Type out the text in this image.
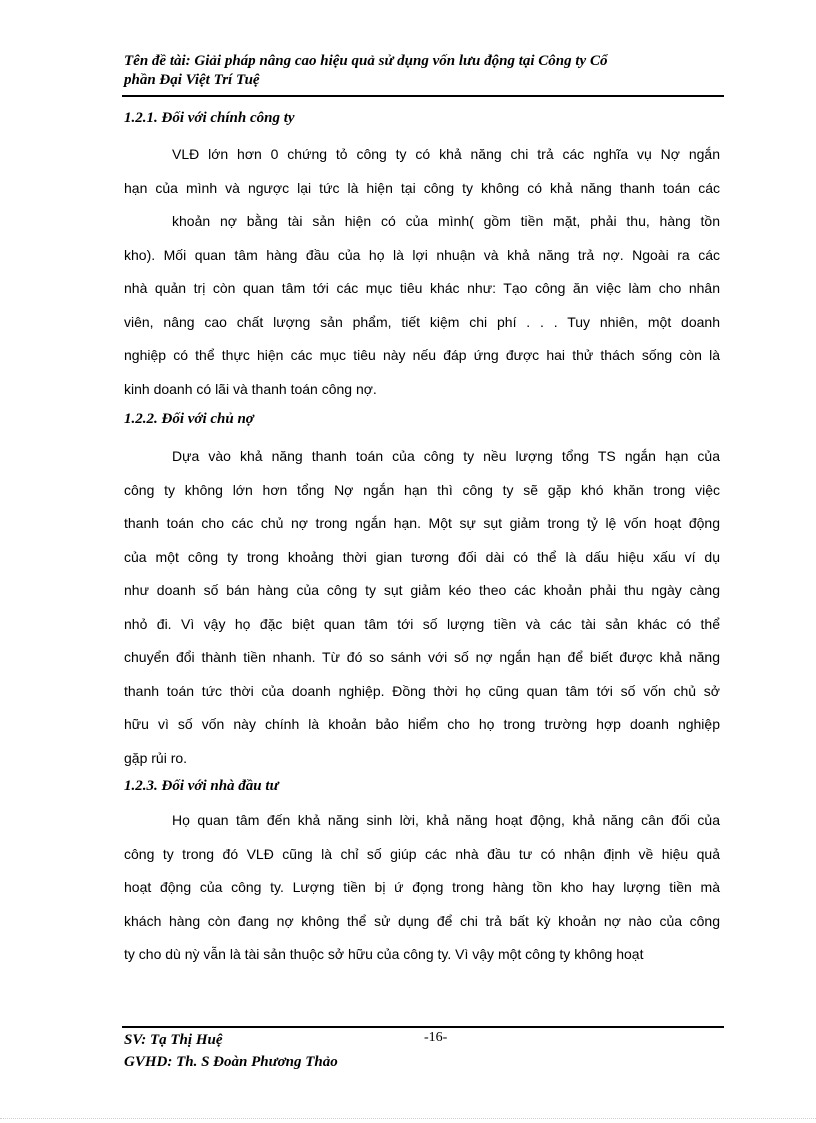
Tên đề tài: Giải pháp nâng cao hiệu quả sử dụng vốn lưu động tại Công ty Cổ
phần Đại Việt Trí Tuệ
1.2.1. Đối với chính công ty
VLĐ lớn hơn 0 chứng tỏ công ty có khả năng chi trả các nghĩa vụ Nợ ngắn
hạn của mình và ngược lại tức là hiện tại công ty không có khả năng thanh toán các
khoản nợ bằng tài sản hiện có của mình( gồm tiền mặt, phải thu, hàng tồn
kho). Mối quan tâm hàng đầu của họ là lợi nhuận và khả năng trả nợ. Ngoài ra các
nhà quản trị còn quan tâm tới các mục tiêu khác như: Tạo công ăn việc làm cho nhân
viên, nâng cao chất lượng sản phẩm, tiết kiệm chi phí . . . Tuy nhiên, một doanh
nghiệp có thể thực hiện các mục tiêu này nếu đáp ứng được hai thử thách sống còn là
kinh doanh có lãi và thanh toán công nợ.
1.2.2. Đối với chủ nợ
Dựa vào khả năng thanh toán của công ty nều lượng tổng TS ngắn hạn của
công ty không lớn hơn tổng Nợ ngắn hạn thì công ty sẽ gặp khó khăn trong việc
thanh toán cho các chủ nợ trong ngắn hạn. Một sự sụt giảm trong tỷ lệ vốn hoạt động
của một công ty trong khoảng thời gian tương đối dài có thể là dấu hiệu xấu ví dụ
như doanh số bán hàng của công ty sụt giảm kéo theo các khoản phải thu ngày càng
nhỏ đi. Vì vậy họ đặc biệt quan tâm tới số lượng tiền và các tài sản khác có thể
chuyển đổi thành tiền nhanh. Từ đó so sánh với số nợ ngắn hạn để biết được khả năng
thanh toán tức thời của doanh nghiệp. Đồng thời họ cũng quan tâm tới số vốn chủ sở
hữu vì số vốn này chính là khoản bảo hiểm cho họ trong trường hợp doanh nghiệp
gặp rủi ro.
1.2.3. Đối với nhà đầu tư
Họ quan tâm đến khả năng sinh lời, khả năng hoạt động, khả năng cân đối của
công ty trong đó VLĐ cũng là chỉ số giúp các nhà đầu tư có nhận định về hiệu quả
hoạt động của công ty. Lượng tiền bị ứ đọng trong hàng tồn kho hay lượng tiền mà
khách hàng còn đang nợ không thể sử dụng để chi trả bất kỳ khoản nợ nào của công
ty cho dù nỳ vẫn là tài sản thuộc sở hữu của công ty. Vì vậy một công ty không hoạt
SV: Tạ Thị Huệ	-16-
GVHD: Th. S Đoàn Phương Thảo
